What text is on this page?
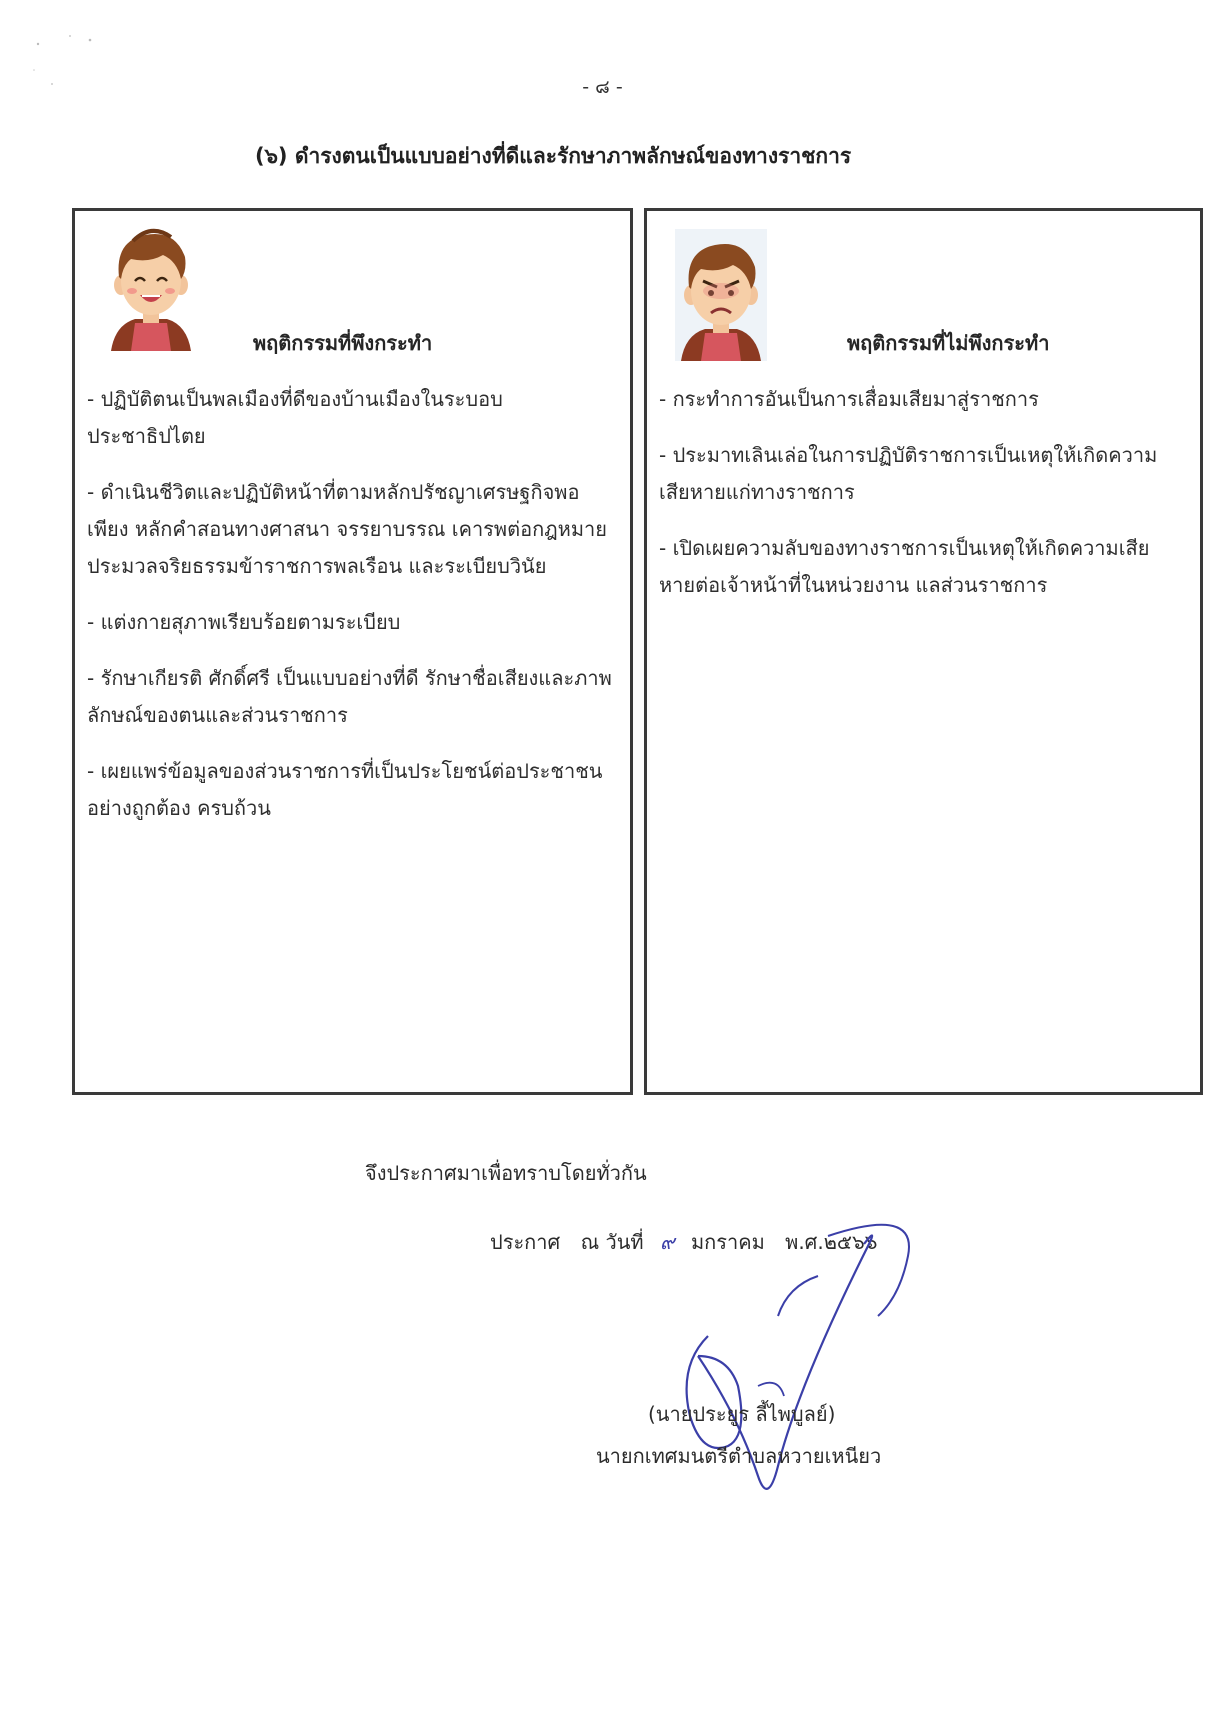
- ๘ -
(๖) ดำรงตนเป็นแบบอย่างที่ดีและรักษาภาพลักษณ์ของทางราชการ
พฤติกรรมที่พึงกระทำ
- ปฏิบัติตนเป็นพลเมืองที่ดีของบ้านเมืองในระบอบประชาธิปไตย
- ดำเนินชีวิตและปฏิบัติหน้าที่ตามหลักปรัชญาเศรษฐกิจพอเพียง หลักคำสอนทางศาสนา จรรยาบรรณ เคารพต่อกฎหมาย ประมวลจริยธรรมข้าราชการพลเรือน และระเบียบวินัย
- แต่งกายสุภาพเรียบร้อยตามระเบียบ
- รักษาเกียรติ ศักดิ์ศรี เป็นแบบอย่างที่ดี รักษาชื่อเสียงและภาพลักษณ์ของตนและส่วนราชการ
- เผยแพร่ข้อมูลของส่วนราชการที่เป็นประโยชน์ต่อประชาชนอย่างถูกต้อง ครบถ้วน
พฤติกรรมที่ไม่พึงกระทำ
- กระทำการอันเป็นการเสื่อมเสียมาสู่ราชการ
- ประมาทเลินเล่อในการปฏิบัติราชการเป็นเหตุให้เกิดความเสียหายแก่ทางราชการ
- เปิดเผยความลับของทางราชการเป็นเหตุให้เกิดความเสียหายต่อเจ้าหน้าที่ในหน่วยงาน แลส่วนราชการ
จึงประกาศมาเพื่อทราบโดยทั่วกัน
ประกาศ ณ วันที่ ๙ มกราคม พ.ศ.๒๕๖๖
(นายประยูร ลี้ไพบูลย์)
นายกเทศมนตรีตำบลหวายเหนียว
